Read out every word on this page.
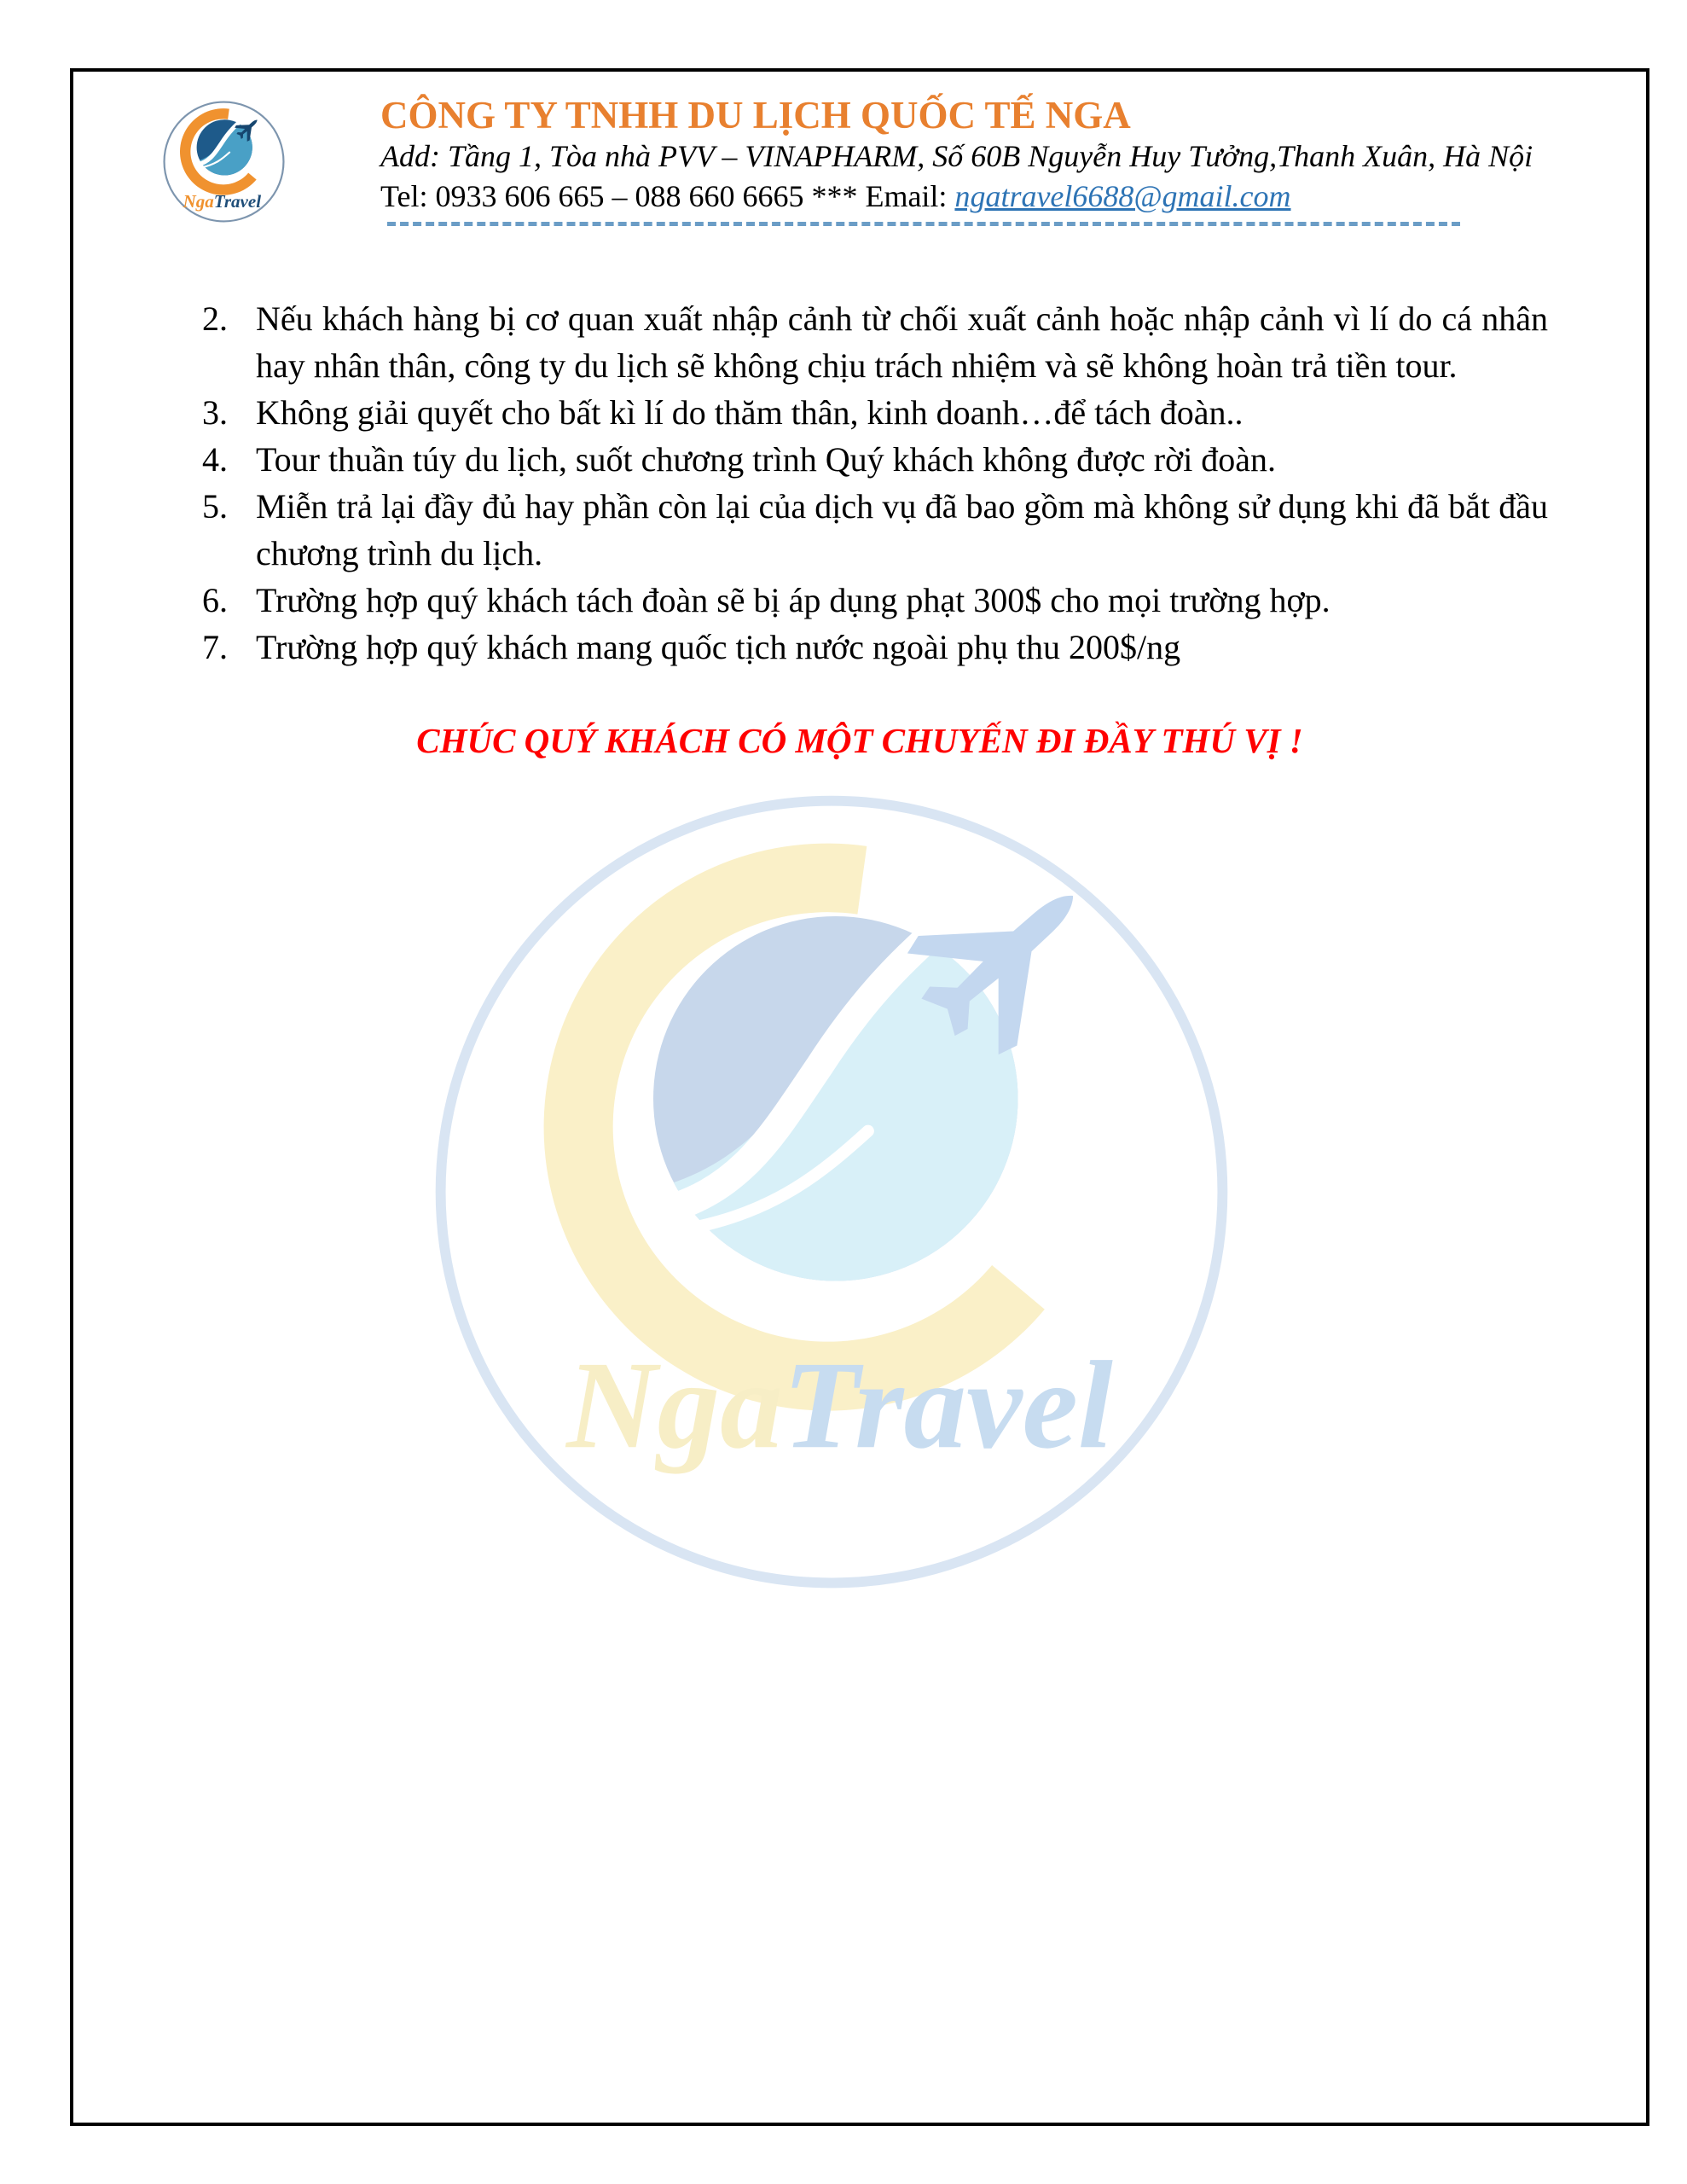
NgaTravel
NgaTravel
CÔNG TY TNHH DU LỊCH QUỐC TẾ NGA
Add: Tầng 1, Tòa nhà PVV – VINAPHARM, Số 60B Nguyễn Huy Tưởng,Thanh Xuân, Hà Nội
Tel: 0933 606 665 – 088 660 6665 *** Email: ngatravel6688@gmail.com
2. Nếu khách hàng bị cơ quan xuất nhập cảnh từ chối xuất cảnh hoặc nhập cảnh vì lí do cá nhân hay nhân thân, công ty du lịch sẽ không chịu trách nhiệm và sẽ không hoàn trả tiền tour.
3. Không giải quyết cho bất kì lí do thăm thân, kinh doanh…để tách đoàn..
4. Tour thuần túy du lịch, suốt chương trình Quý khách không được rời đoàn.
5. Miễn trả lại đầy đủ hay phần còn lại của dịch vụ đã bao gồm mà không sử dụng khi đã bắt đầu chương trình du lịch.
6. Trường hợp quý khách tách đoàn sẽ bị áp dụng phạt 300$ cho mọi trường hợp.
7. Trường hợp quý khách mang quốc tịch nước ngoài phụ thu 200$/ng
CHÚC QUÝ KHÁCH CÓ MỘT CHUYẾN ĐI ĐẦY THÚ VỊ !
